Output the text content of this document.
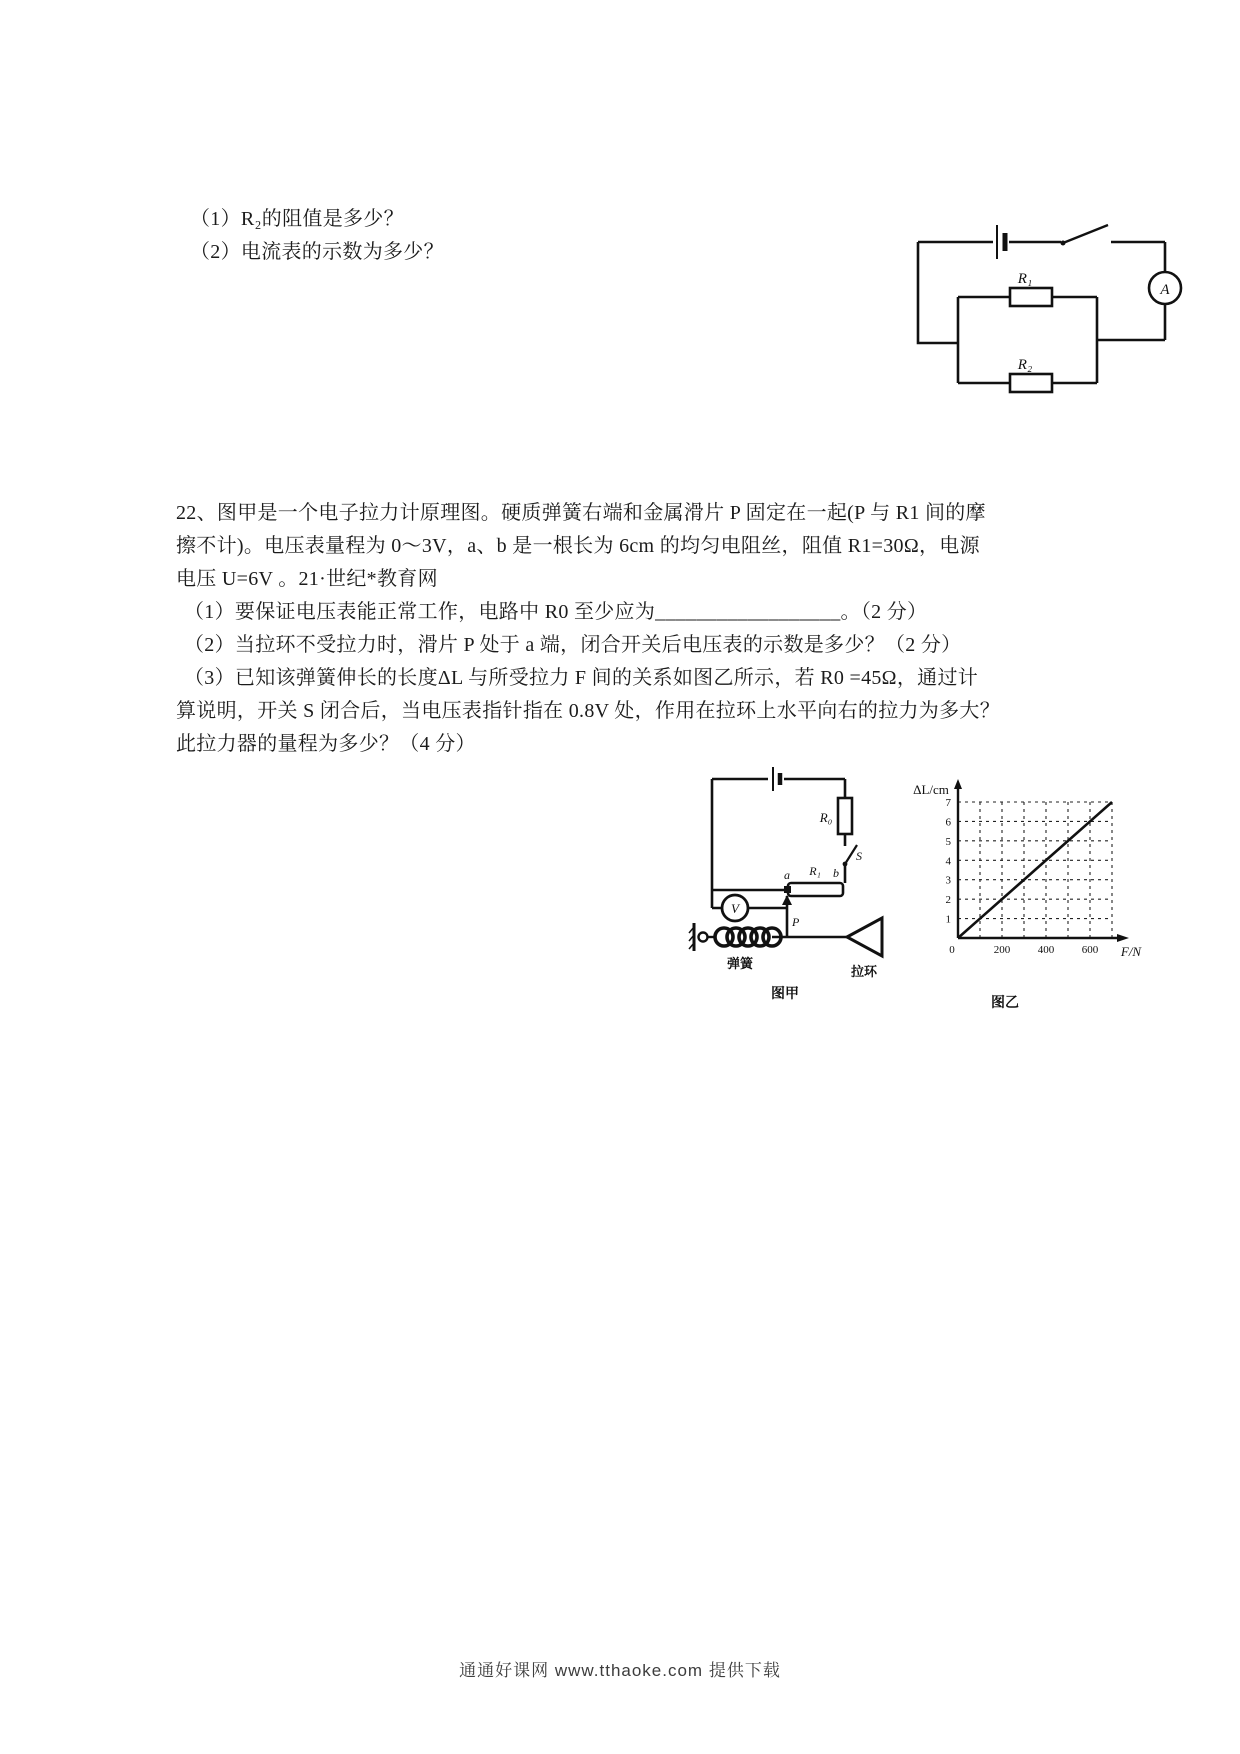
（1）R₂的阻值是多少？
（2）电流表的示数为多少？
R₁
R₂
A
22、图甲是一个电子拉力计原理图。硬质弹簧右端和金属滑片 P 固定在一起(P 与 R1 间的摩
擦不计)。电压表量程为 0～3V，a、b 是一根长为 6cm 的均匀电阻丝，阻值 R1=30Ω，电源
电压 U=6V 。21·世纪*教育网
（1）要保证电压表能正常工作，电路中 R0 至少应为__________________。（2 分）
（2）当拉环不受拉力时，滑片 P 处于 a 端，闭合开关后电压表的示数是多少？（2 分）
（3）已知该弹簧伸长的长度ΔL 与所受拉力 F 间的关系如图乙所示，若 R0 =45Ω，通过计
算说明，开关 S 闭合后，当电压表指针指在 0.8V 处，作用在拉环上水平向右的拉力为多大？
此拉力器的量程为多少？（4 分）
R₀
S
a	b
R₁
P
V
弹簧
拉环
图甲
0	200	400	600
1
2
3
4
5
6
7
ΔL/cm
F/N
图乙
通通好课网 www.tthaoke.com 提供下载
